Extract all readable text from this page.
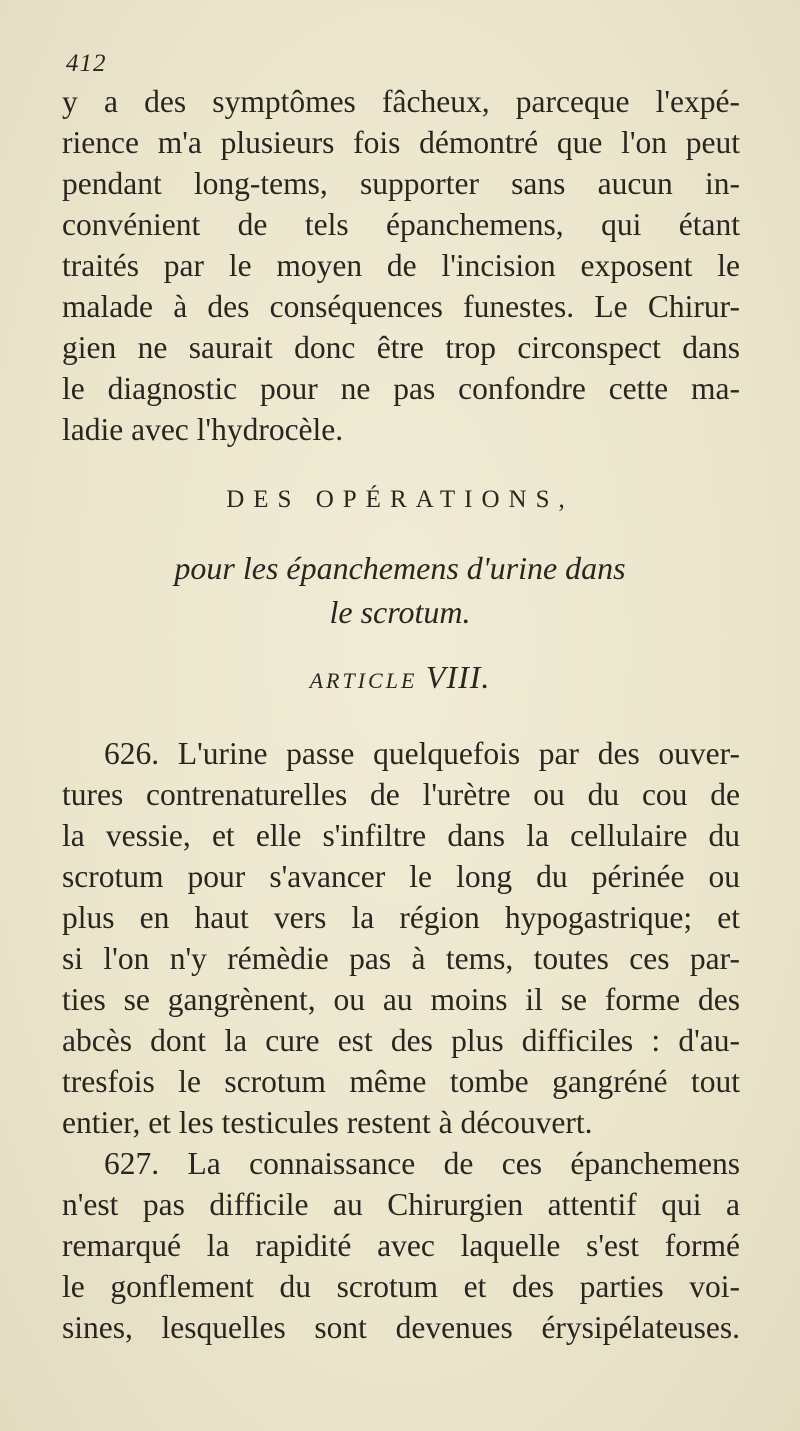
412
y a des symptômes fâcheux, parceque l'expé-
rience m'a plusieurs fois démontré que l'on peut
pendant long-tems, supporter sans aucun in-
convénient de tels épanchemens, qui étant
traités par le moyen de l'incision exposent le
malade à des conséquences funestes. Le Chirur-
gien ne saurait donc être trop circonspect dans
le diagnostic pour ne pas confondre cette ma-
ladie avec l'hydrocèle.
DES OPÉRATIONS,
pour les épanchemens d'urine dans
le scrotum.
ARTICLE VIII.
626. L'urine passe quelquefois par des ouver-
tures contrenaturelles de l'urètre ou du cou de
la vessie, et elle s'infiltre dans la cellulaire du
scrotum pour s'avancer le long du périnée ou
plus en haut vers la région hypogastrique; et
si l'on n'y rémèdie pas à tems, toutes ces par-
ties se gangrènent, ou au moins il se forme des
abcès dont la cure est des plus difficiles : d'au-
tresfois le scrotum même tombe gangréné tout
entier, et les testicules restent à découvert.
627. La connaissance de ces épanchemens
n'est pas difficile au Chirurgien attentif qui a
remarqué la rapidité avec laquelle s'est formé
le gonflement du scrotum et des parties voi-
sines, lesquelles sont devenues érysipélateuses.
